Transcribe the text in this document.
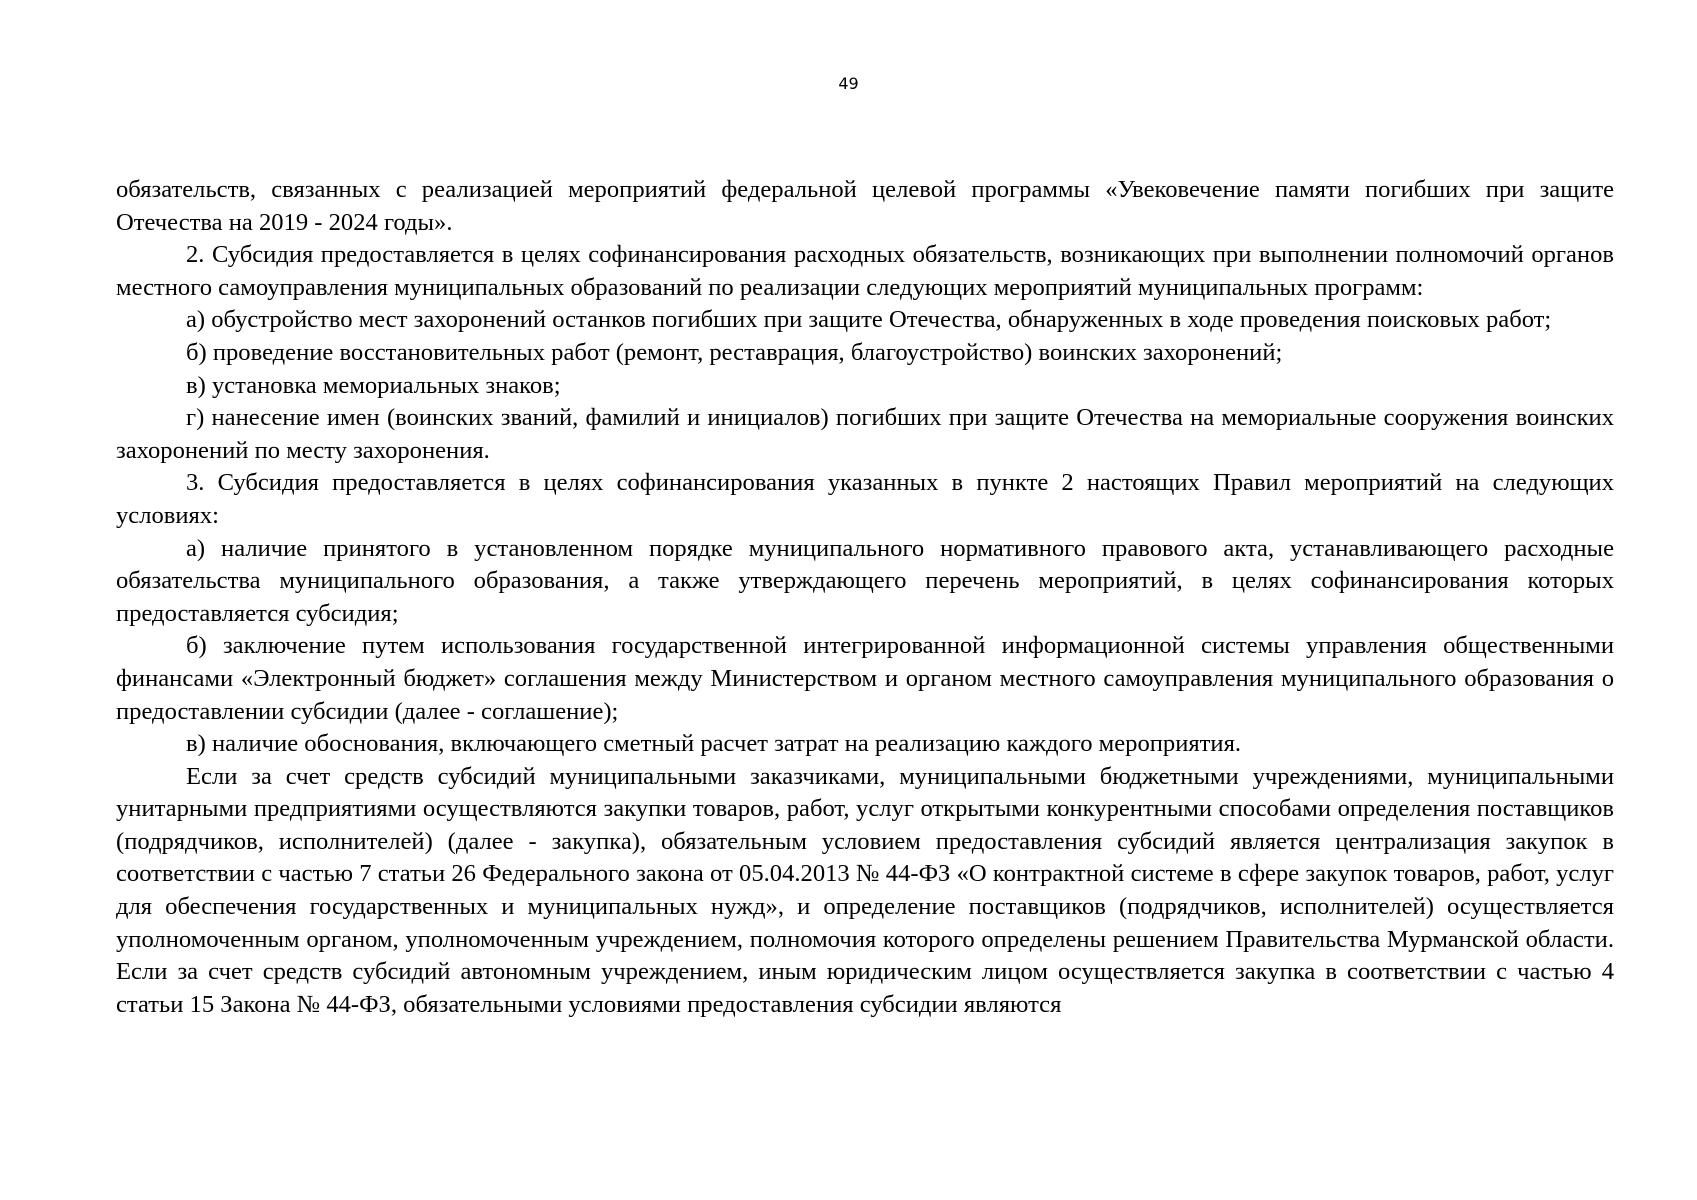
49

обязательств, связанных с реализацией мероприятий федеральной целевой программы «Увековечение памяти погибших при защите Отечества на 2019 - 2024 годы».

2. Субсидия предоставляется в целях софинансирования расходных обязательств, возникающих при выполнении полномочий органов местного самоуправления муниципальных образований по реализации следующих мероприятий муниципальных программ:

а) обустройство мест захоронений останков погибших при защите Отечества, обнаруженных в ходе проведения поисковых работ;

б) проведение восстановительных работ (ремонт, реставрация, благоустройство) воинских захоронений;

в) установка мемориальных знаков;

г) нанесение имен (воинских званий, фамилий и инициалов) погибших при защите Отечества на мемориальные сооружения воинских захоронений по месту захоронения.

3. Субсидия предоставляется в целях софинансирования указанных в пункте 2 настоящих Правил мероприятий на следующих условиях:

а) наличие принятого в установленном порядке муниципального нормативного правового акта, устанавливающего расходные обязательства муниципального образования, а также утверждающего перечень мероприятий, в целях софинансирования которых предоставляется субсидия;

б) заключение путем использования государственной интегрированной информационной системы управления общественными финансами «Электронный бюджет» соглашения между Министерством и органом местного самоуправления муниципального образования о предоставлении субсидии (далее - соглашение);

в) наличие обоснования, включающего сметный расчет затрат на реализацию каждого мероприятия.

Если за счет средств субсидий муниципальными заказчиками, муниципальными бюджетными учреждениями, муниципальными унитарными предприятиями осуществляются закупки товаров, работ, услуг открытыми конкурентными способами определения поставщиков (подрядчиков, исполнителей) (далее - закупка), обязательным условием предоставления субсидий является централизация закупок в соответствии с частью 7 статьи 26 Федерального закона от 05.04.2013 № 44-ФЗ «О контрактной системе в сфере закупок товаров, работ, услуг для обеспечения государственных и муниципальных нужд», и определение поставщиков (подрядчиков, исполнителей) осуществляется уполномоченным органом, уполномоченным учреждением, полномочия которого определены решением Правительства Мурманской области. Если за счет средств субсидий автономным учреждением, иным юридическим лицом осуществляется закупка в соответствии с частью 4 статьи 15 Закона № 44-ФЗ, обязательными условиями предоставления субсидии являются
